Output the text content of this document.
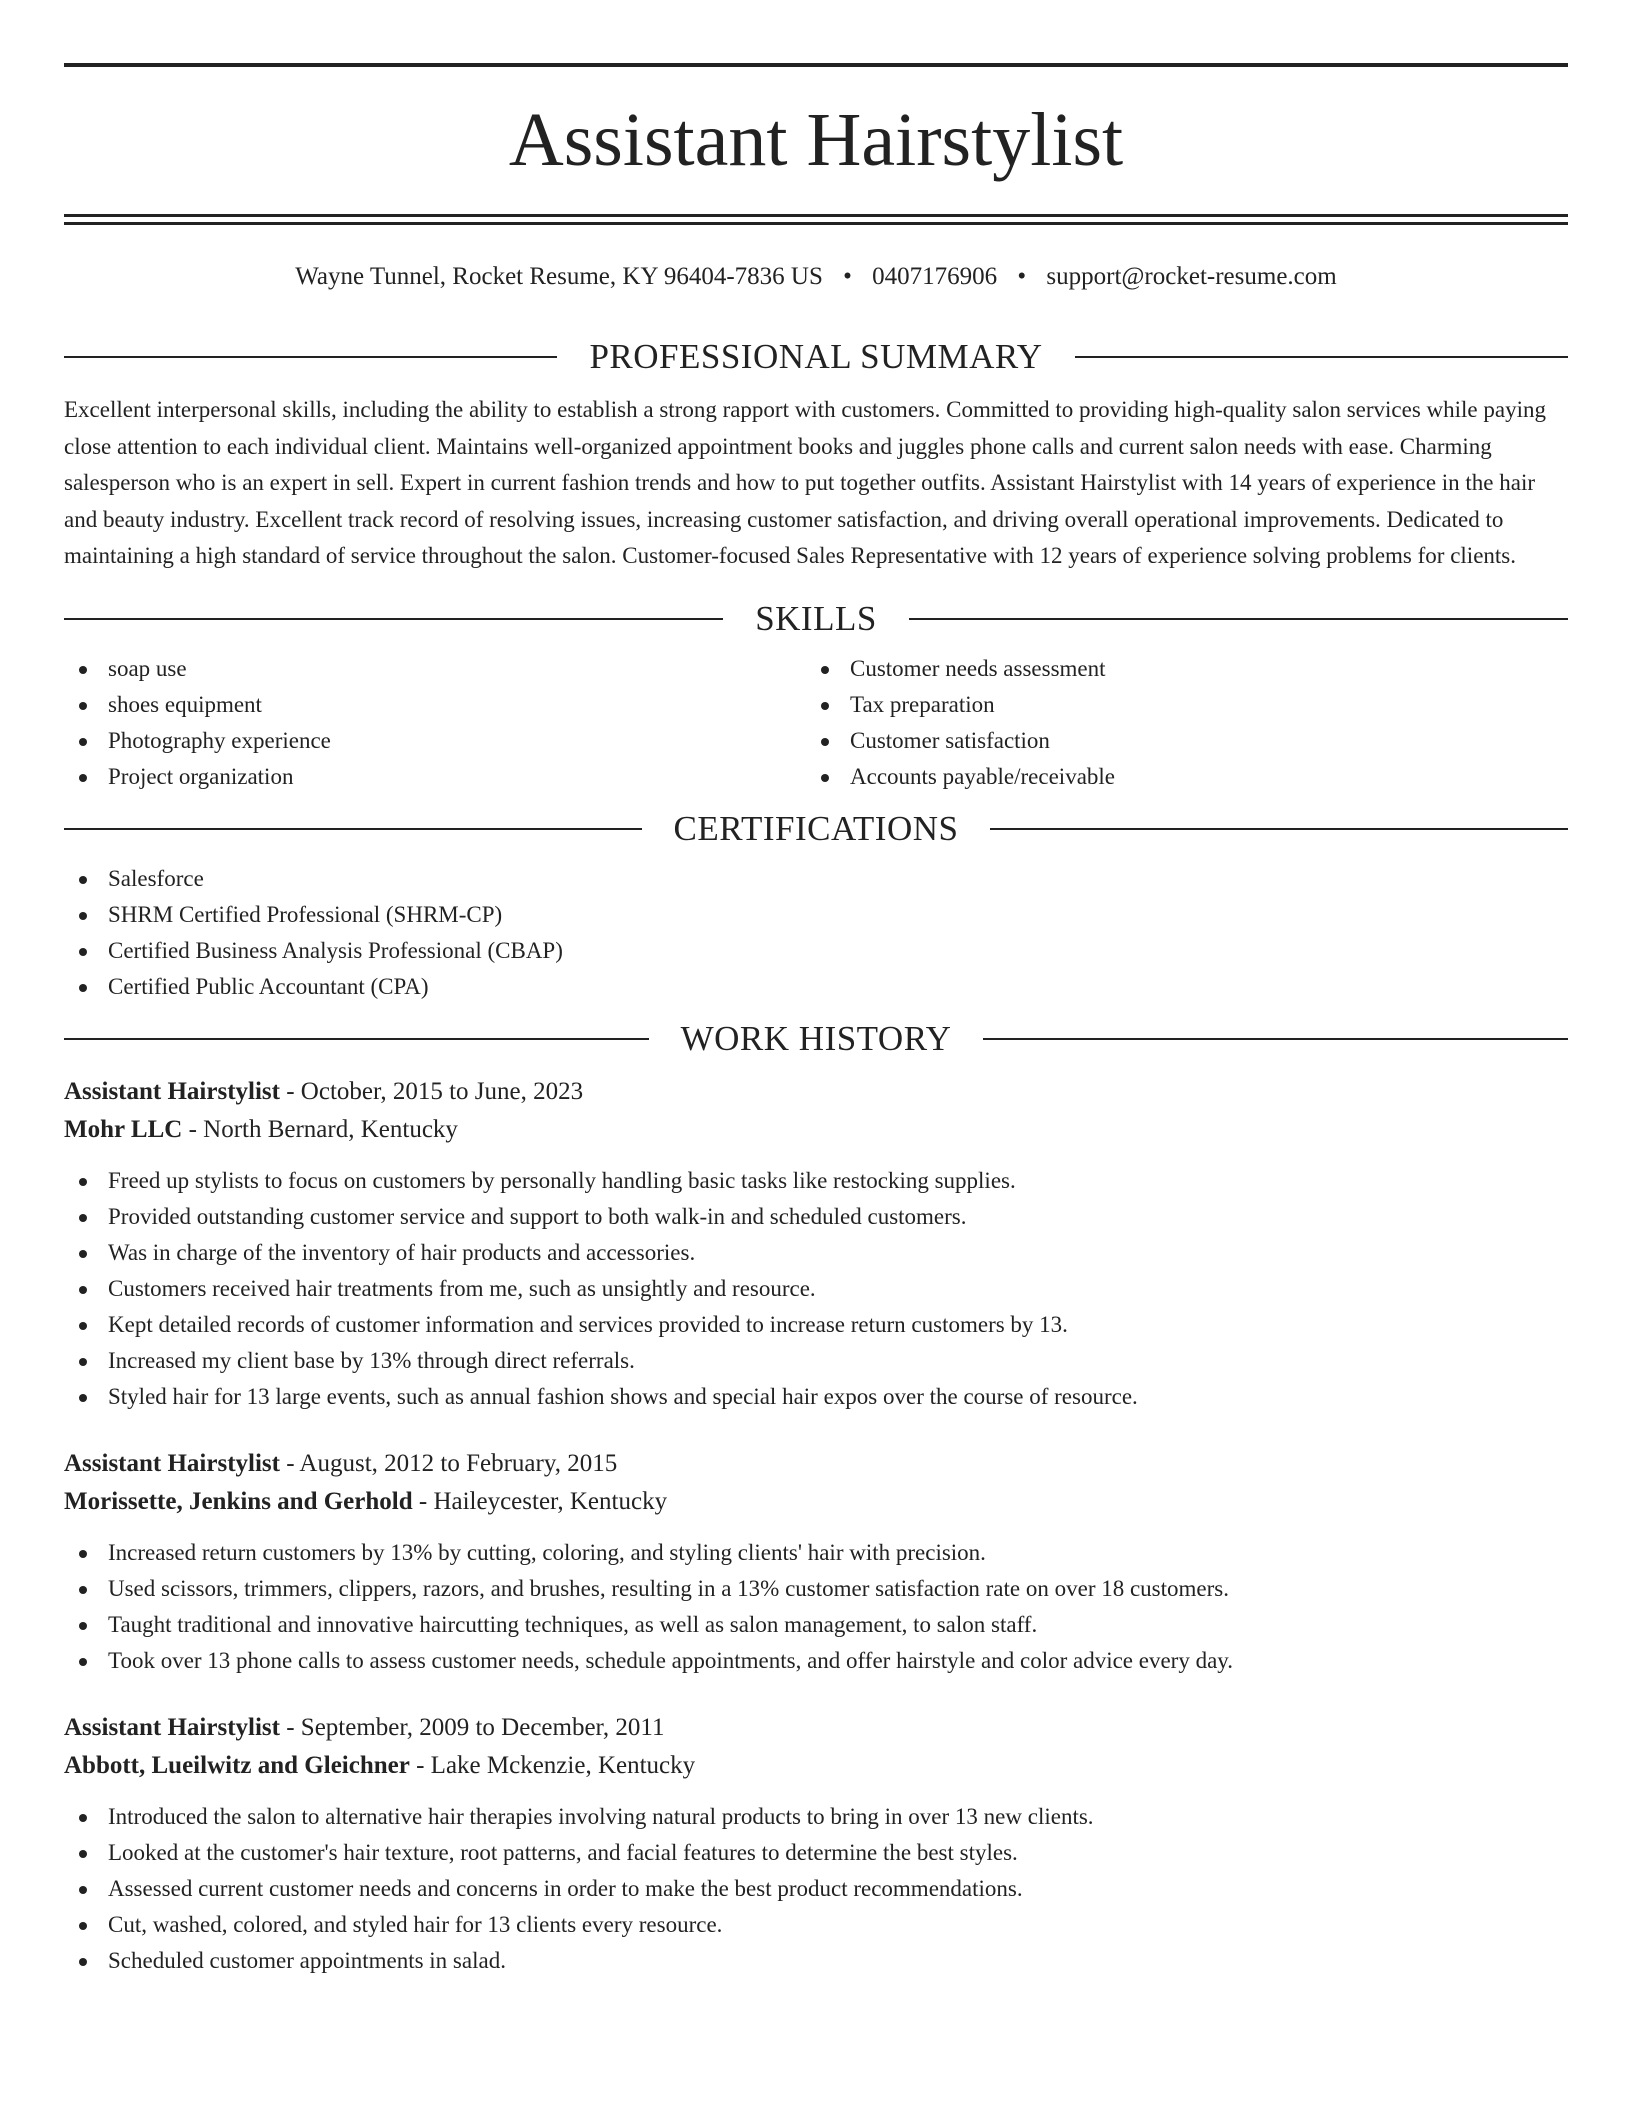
Assistant Hairstylist
Wayne Tunnel, Rocket Resume, KY 96404-7836 US • 0407176906 • support@rocket-resume.com
PROFESSIONAL SUMMARY

Excellent interpersonal skills, including the ability to establish a strong rapport with customers. Committed to providing high-quality salon services while paying close attention to each individual client. Maintains well-organized appointment books and juggles phone calls and current salon needs with ease. Charming salesperson who is an expert in sell. Expert in current fashion trends and how to put together outfits. Assistant Hairstylist with 14 years of experience in the hair and beauty industry. Excellent track record of resolving issues, increasing customer satisfaction, and driving overall operational improvements. Dedicated to maintaining a high standard of service throughout the salon. Customer-focused Sales Representative with 12 years of experience solving problems for clients.

SKILLS
soap use
shoes equipment
Photography experience
Project organization
Customer needs assessment
Tax preparation
Customer satisfaction
Accounts payable/receivable
CERTIFICATIONS
Salesforce
SHRM Certified Professional (SHRM-CP)
Certified Business Analysis Professional (CBAP)
Certified Public Accountant (CPA)
WORK HISTORY
Assistant Hairstylist - October, 2015 to June, 2023
Mohr LLC - North Bernard, Kentucky
Freed up stylists to focus on customers by personally handling basic tasks like restocking supplies.
Provided outstanding customer service and support to both walk-in and scheduled customers.
Was in charge of the inventory of hair products and accessories.
Customers received hair treatments from me, such as unsightly and resource.
Kept detailed records of customer information and services provided to increase return customers by 13.
Increased my client base by 13% through direct referrals.
Styled hair for 13 large events, such as annual fashion shows and special hair expos over the course of resource.
Assistant Hairstylist - August, 2012 to February, 2015
Morissette, Jenkins and Gerhold - Haileycester, Kentucky
Increased return customers by 13% by cutting, coloring, and styling clients' hair with precision.
Used scissors, trimmers, clippers, razors, and brushes, resulting in a 13% customer satisfaction rate on over 18 customers.
Taught traditional and innovative haircutting techniques, as well as salon management, to salon staff.
Took over 13 phone calls to assess customer needs, schedule appointments, and offer hairstyle and color advice every day.
Assistant Hairstylist - September, 2009 to December, 2011
Abbott, Lueilwitz and Gleichner - Lake Mckenzie, Kentucky
Introduced the salon to alternative hair therapies involving natural products to bring in over 13 new clients.
Looked at the customer's hair texture, root patterns, and facial features to determine the best styles.
Assessed current customer needs and concerns in order to make the best product recommendations.
Cut, washed, colored, and styled hair for 13 clients every resource.
Scheduled customer appointments in salad.
